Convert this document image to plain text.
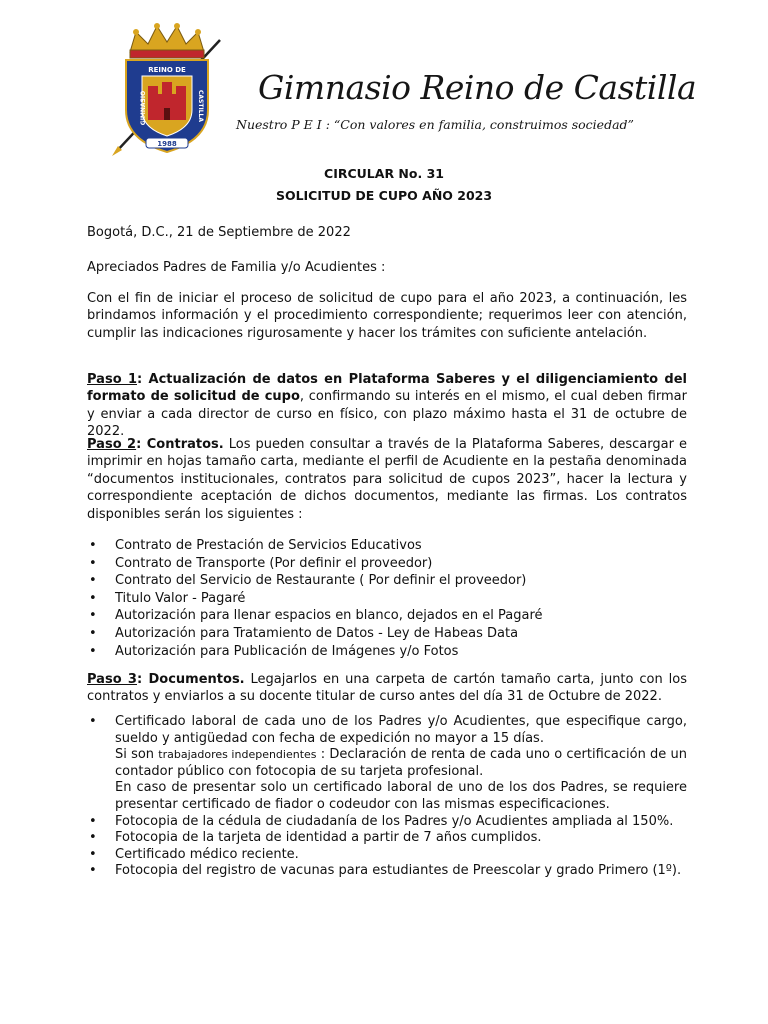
REINO DE
GIMNASIO	CASTILLA
1988
Gimnasio Reino de Castilla
Nuestro P E I : “Con valores en familia, construimos sociedad”
CIRCULAR No. 31
SOLICITUD DE CUPO AÑO 2023
Bogotá, D.C., 21 de Septiembre de 2022
Apreciados Padres de Familia y/o Acudientes :
Con el fin de iniciar el proceso de solicitud de cupo para el año 2023, a continuación, les brindamos información y el procedimiento correspondiente; requerimos leer con atención, cumplir las indicaciones rigurosamente y hacer los trámites con suficiente antelación.
Paso 1: Actualización de datos en Plataforma Saberes y el diligenciamiento del formato de solicitud de cupo, confirmando su interés en el mismo, el cual deben firmar y enviar a cada director de curso en físico, con plazo máximo hasta el 31 de octubre de 2022.
Paso 2: Contratos. Los pueden consultar a través de la Plataforma Saberes, descargar e imprimir en hojas tamaño carta, mediante el perfil de Acudiente en la pestaña denominada “documentos institucionales, contratos para solicitud de cupos 2023”, hacer la lectura y correspondiente aceptación de dichos documentos, mediante las firmas. Los contratos disponibles serán los siguientes :
• Contrato de Prestación de Servicios Educativos
• Contrato de Transporte (Por definir el proveedor)
• Contrato del Servicio de Restaurante ( Por definir el proveedor)
• Titulo Valor - Pagaré
• Autorización para llenar espacios en blanco, dejados en el Pagaré
• Autorización para Tratamiento de Datos - Ley de Habeas Data
• Autorización para Publicación de Imágenes y/o Fotos
Paso 3: Documentos. Legajarlos en una carpeta de cartón tamaño carta, junto con los contratos y enviarlos a su docente titular de curso antes del día 31 de Octubre de 2022.
• Certificado laboral de cada uno de los Padres y/o Acudientes, que especifique cargo, sueldo y antigüedad con fecha de expedición no mayor a 15 días.
Si son trabajadores independientes : Declaración de renta de cada uno o certificación de un contador público con fotocopia de su tarjeta profesional.
En caso de presentar solo un certificado laboral de uno de los dos Padres, se requiere presentar certificado de fiador o codeudor con las mismas especificaciones.
• Fotocopia de la cédula de ciudadanía de los Padres y/o Acudientes ampliada al 150%.
• Fotocopia de la tarjeta de identidad a partir de 7 años cumplidos.
• Certificado médico reciente.
• Fotocopia del registro de vacunas para estudiantes de Preescolar y grado Primero (1º).
